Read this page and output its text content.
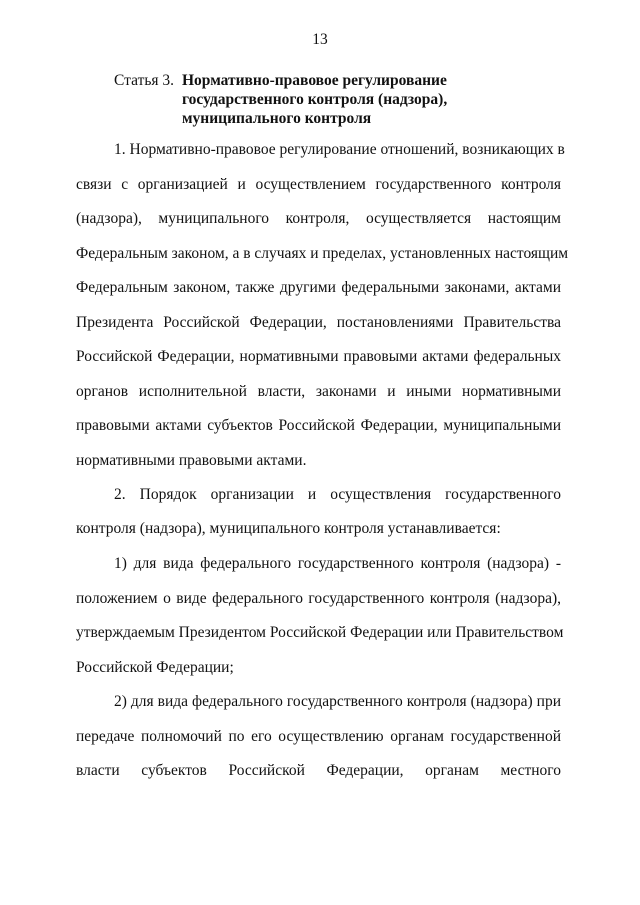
13
Статья 3. Нормативно-правовое регулирование
государственного контроля (надзора),
муниципального контроля
1. Нормативно-правовое регулирование отношений, возникающих в
связи с организацией и осуществлением государственного контроля
(надзора), муниципального контроля, осуществляется настоящим
Федеральным законом, а в случаях и пределах, установленных настоящим
Федеральным законом, также другими федеральными законами, актами
Президента Российской Федерации, постановлениями Правительства
Российской Федерации, нормативными правовыми актами федеральных
органов исполнительной власти, законами и иными нормативными
правовыми актами субъектов Российской Федерации, муниципальными
нормативными правовыми актами.
2. Порядок организации и осуществления государственного
контроля (надзора), муниципального контроля устанавливается:
1) для вида федерального государственного контроля (надзора) -
положением о виде федерального государственного контроля (надзора),
утверждаемым Президентом Российской Федерации или Правительством
Российской Федерации;
2) для вида федерального государственного контроля (надзора) при
передаче полномочий по его осуществлению органам государственной
власти субъектов Российской Федерации, органам местного
